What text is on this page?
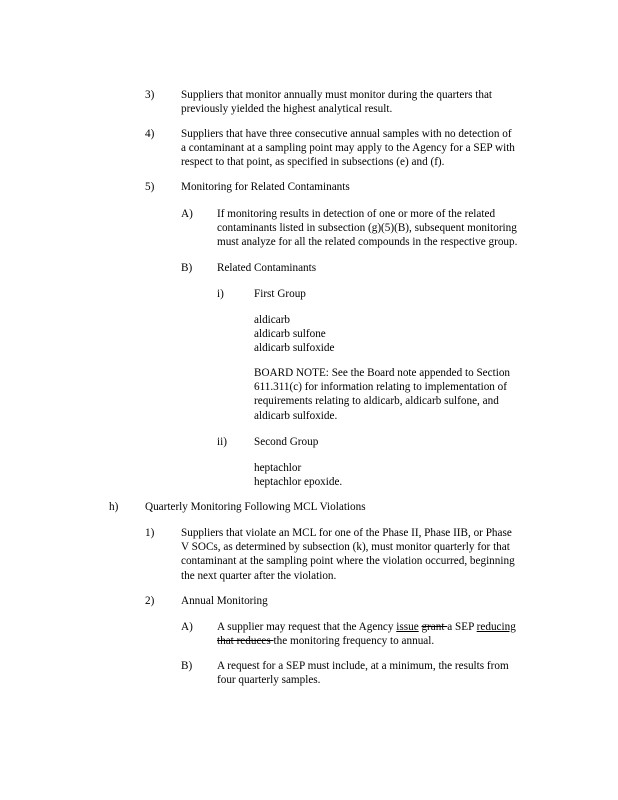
3) Suppliers that monitor annually must monitor during the quarters that
previously yielded the highest analytical result.
4) Suppliers that have three consecutive annual samples with no detection of
a contaminant at a sampling point may apply to the Agency for a SEP with
respect to that point, as specified in subsections (e) and (f).
5) Monitoring for Related Contaminants
A) If monitoring results in detection of one or more of the related
contaminants listed in subsection (g)(5)(B), subsequent monitoring
must analyze for all the related compounds in the respective group.
B) Related Contaminants
i)	First Group
aldicarb
aldicarb sulfone
aldicarb sulfoxide
BOARD NOTE: See the Board note appended to Section
611.311(c) for information relating to implementation of
requirements relating to aldicarb, aldicarb sulfone, and
aldicarb sulfoxide.
ii) Second Group
heptachlor
heptachlor epoxide.
h) Quarterly Monitoring Following MCL Violations
1) Suppliers that violate an MCL for one of the Phase II, Phase IIB, or Phase
V SOCs, as determined by subsection (k), must monitor quarterly for that
contaminant at the sampling point where the violation occurred, beginning
the next quarter after the violation.
2) Annual Monitoring
A) A supplier may request that the Agency issue grant a SEP reducing
that reduces the monitoring frequency to annual.
B) A request for a SEP must include, at a minimum, the results from
four quarterly samples.
